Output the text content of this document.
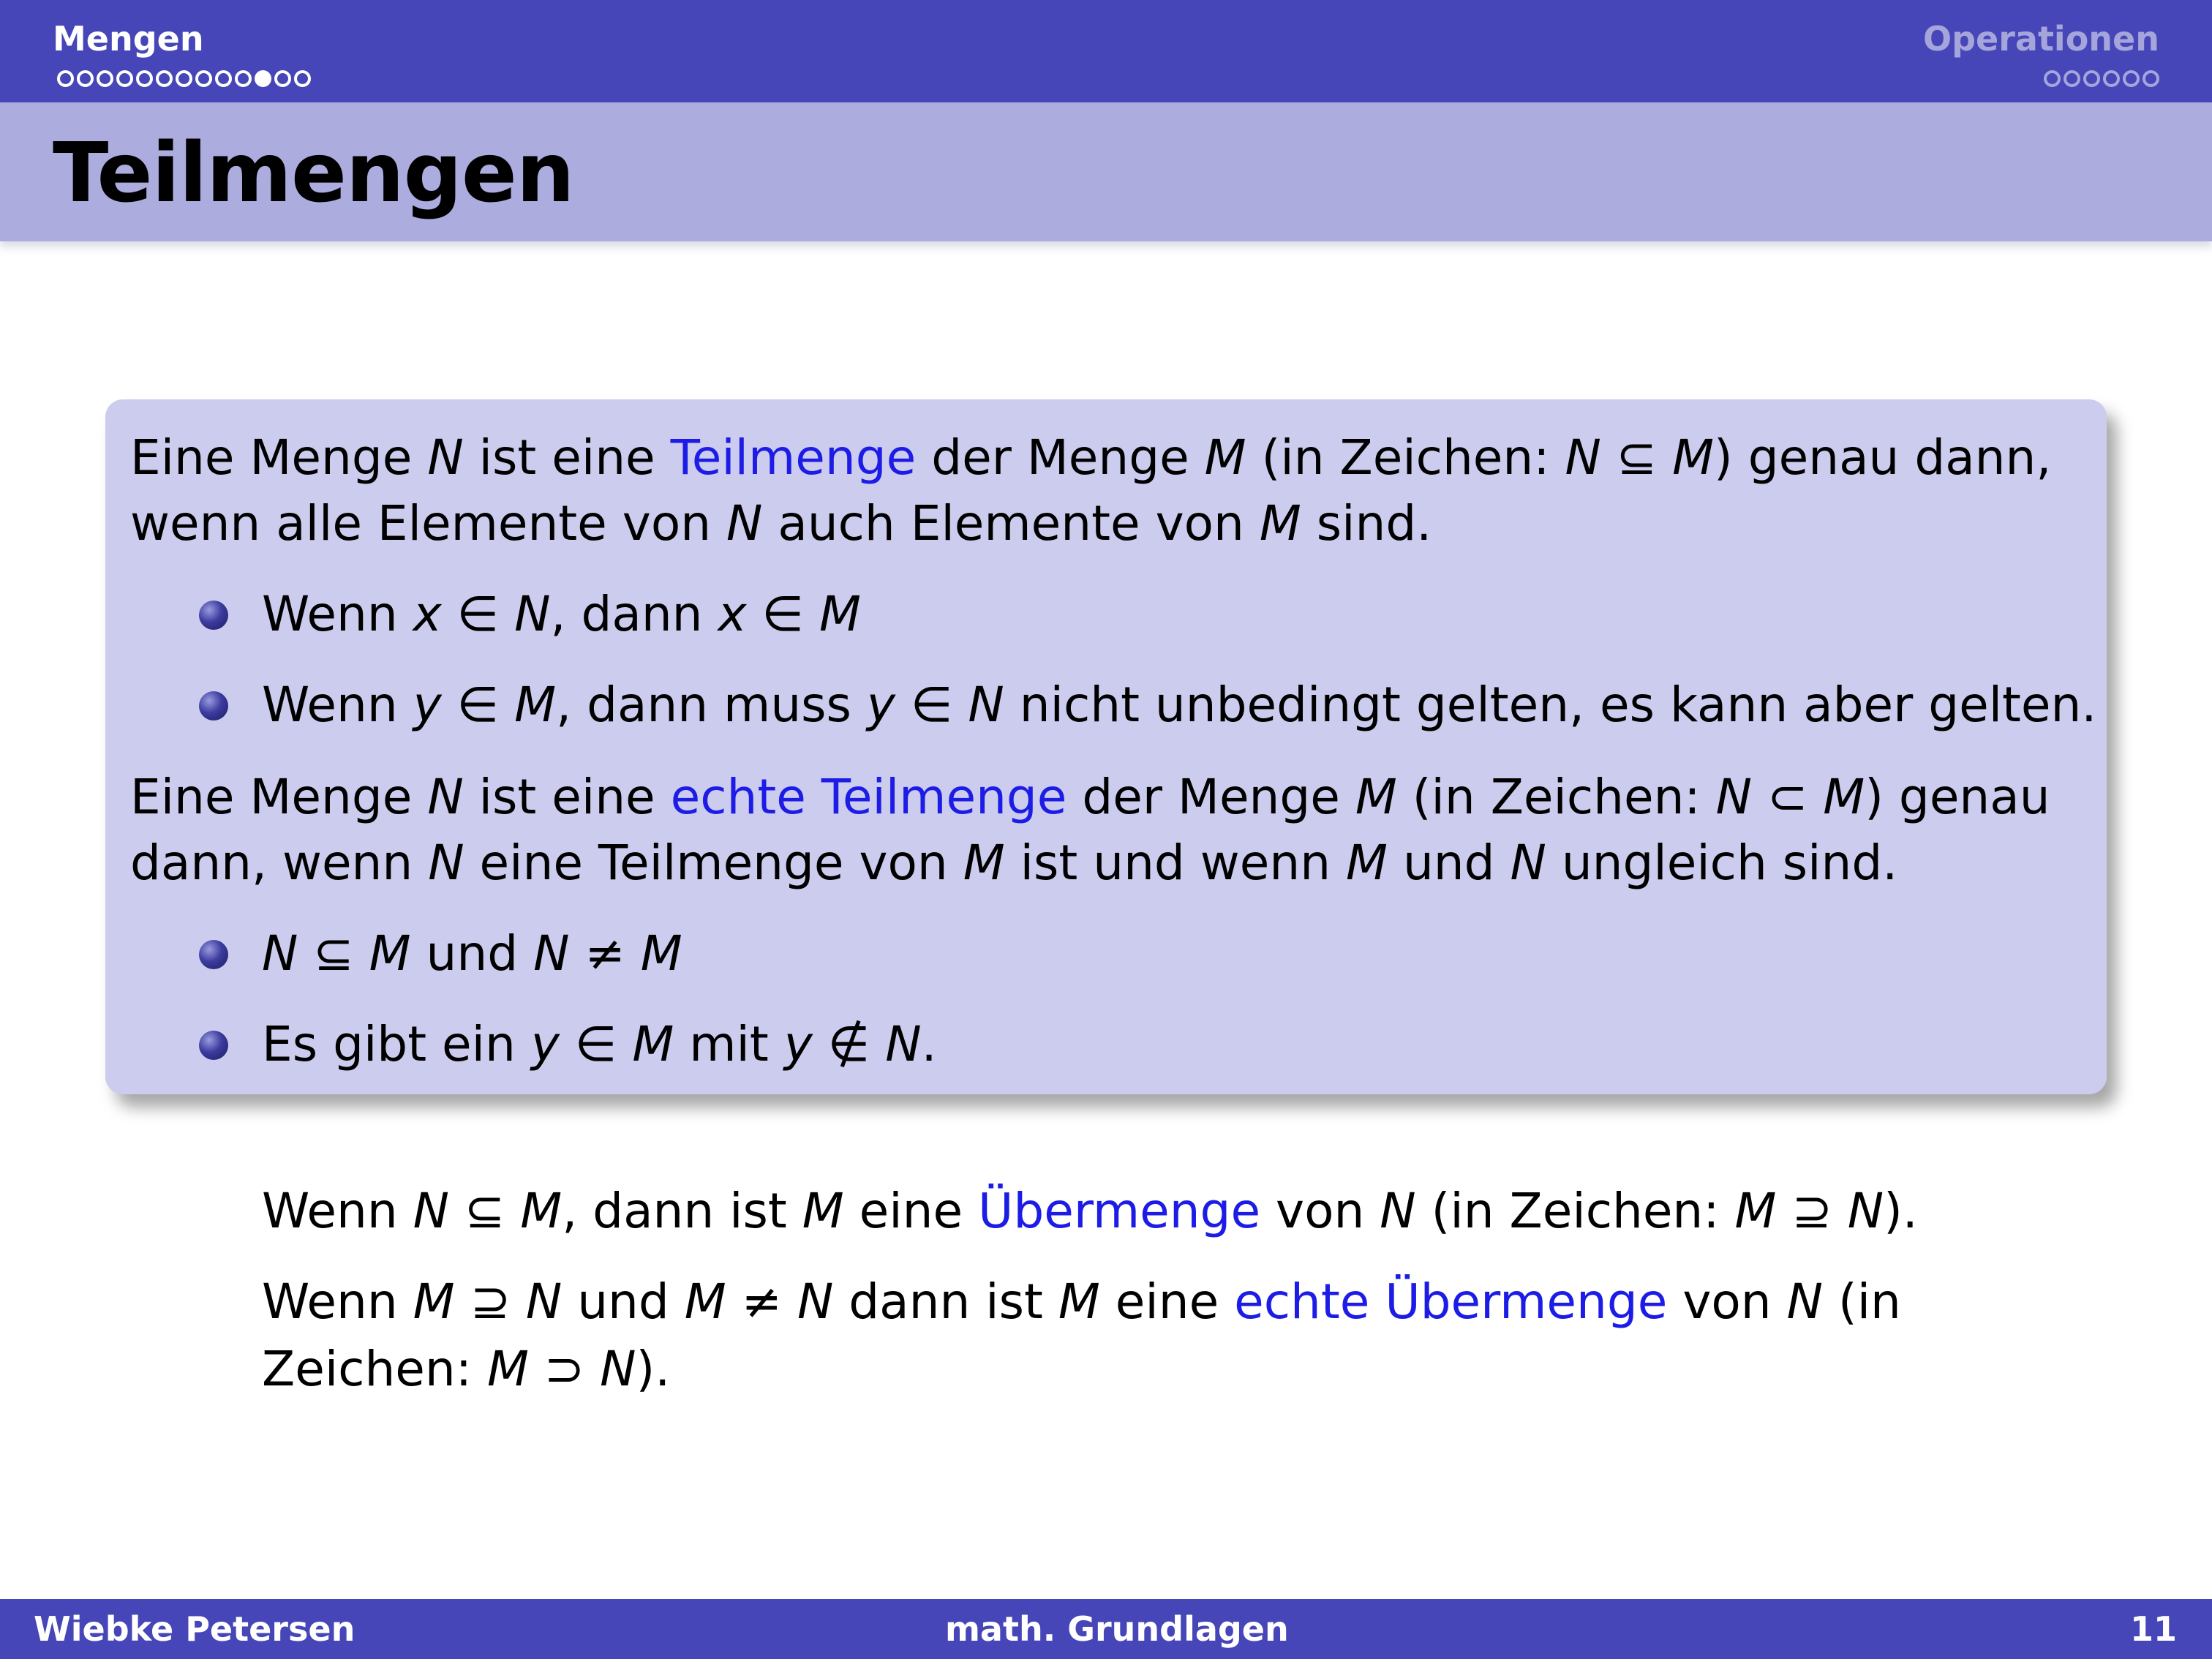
Mengen	Operationen
Teilmengen
Eine Menge N ist eine Teilmenge der Menge M (in Zeichen: N ⊆ M) genau dann,
wenn alle Elemente von N auch Elemente von M sind.
Wenn x ∈ N, dann x ∈ M
Wenn y ∈ M, dann muss y ∈ N nicht unbedingt gelten, es kann aber gelten.
Eine Menge N ist eine echte Teilmenge der Menge M (in Zeichen: N ⊂ M) genau
dann, wenn N eine Teilmenge von M ist und wenn M und N ungleich sind.
N ⊆ M und N ≠ M
Es gibt ein y ∈ M mit y ∉ N.
Wenn N ⊆ M, dann ist M eine Übermenge von N (in Zeichen: M ⊇ N).
Wenn M ⊇ N und M ≠ N dann ist M eine echte Übermenge von N (in
Zeichen: M ⊃ N).
Wiebke Petersen	math. Grundlagen	11
